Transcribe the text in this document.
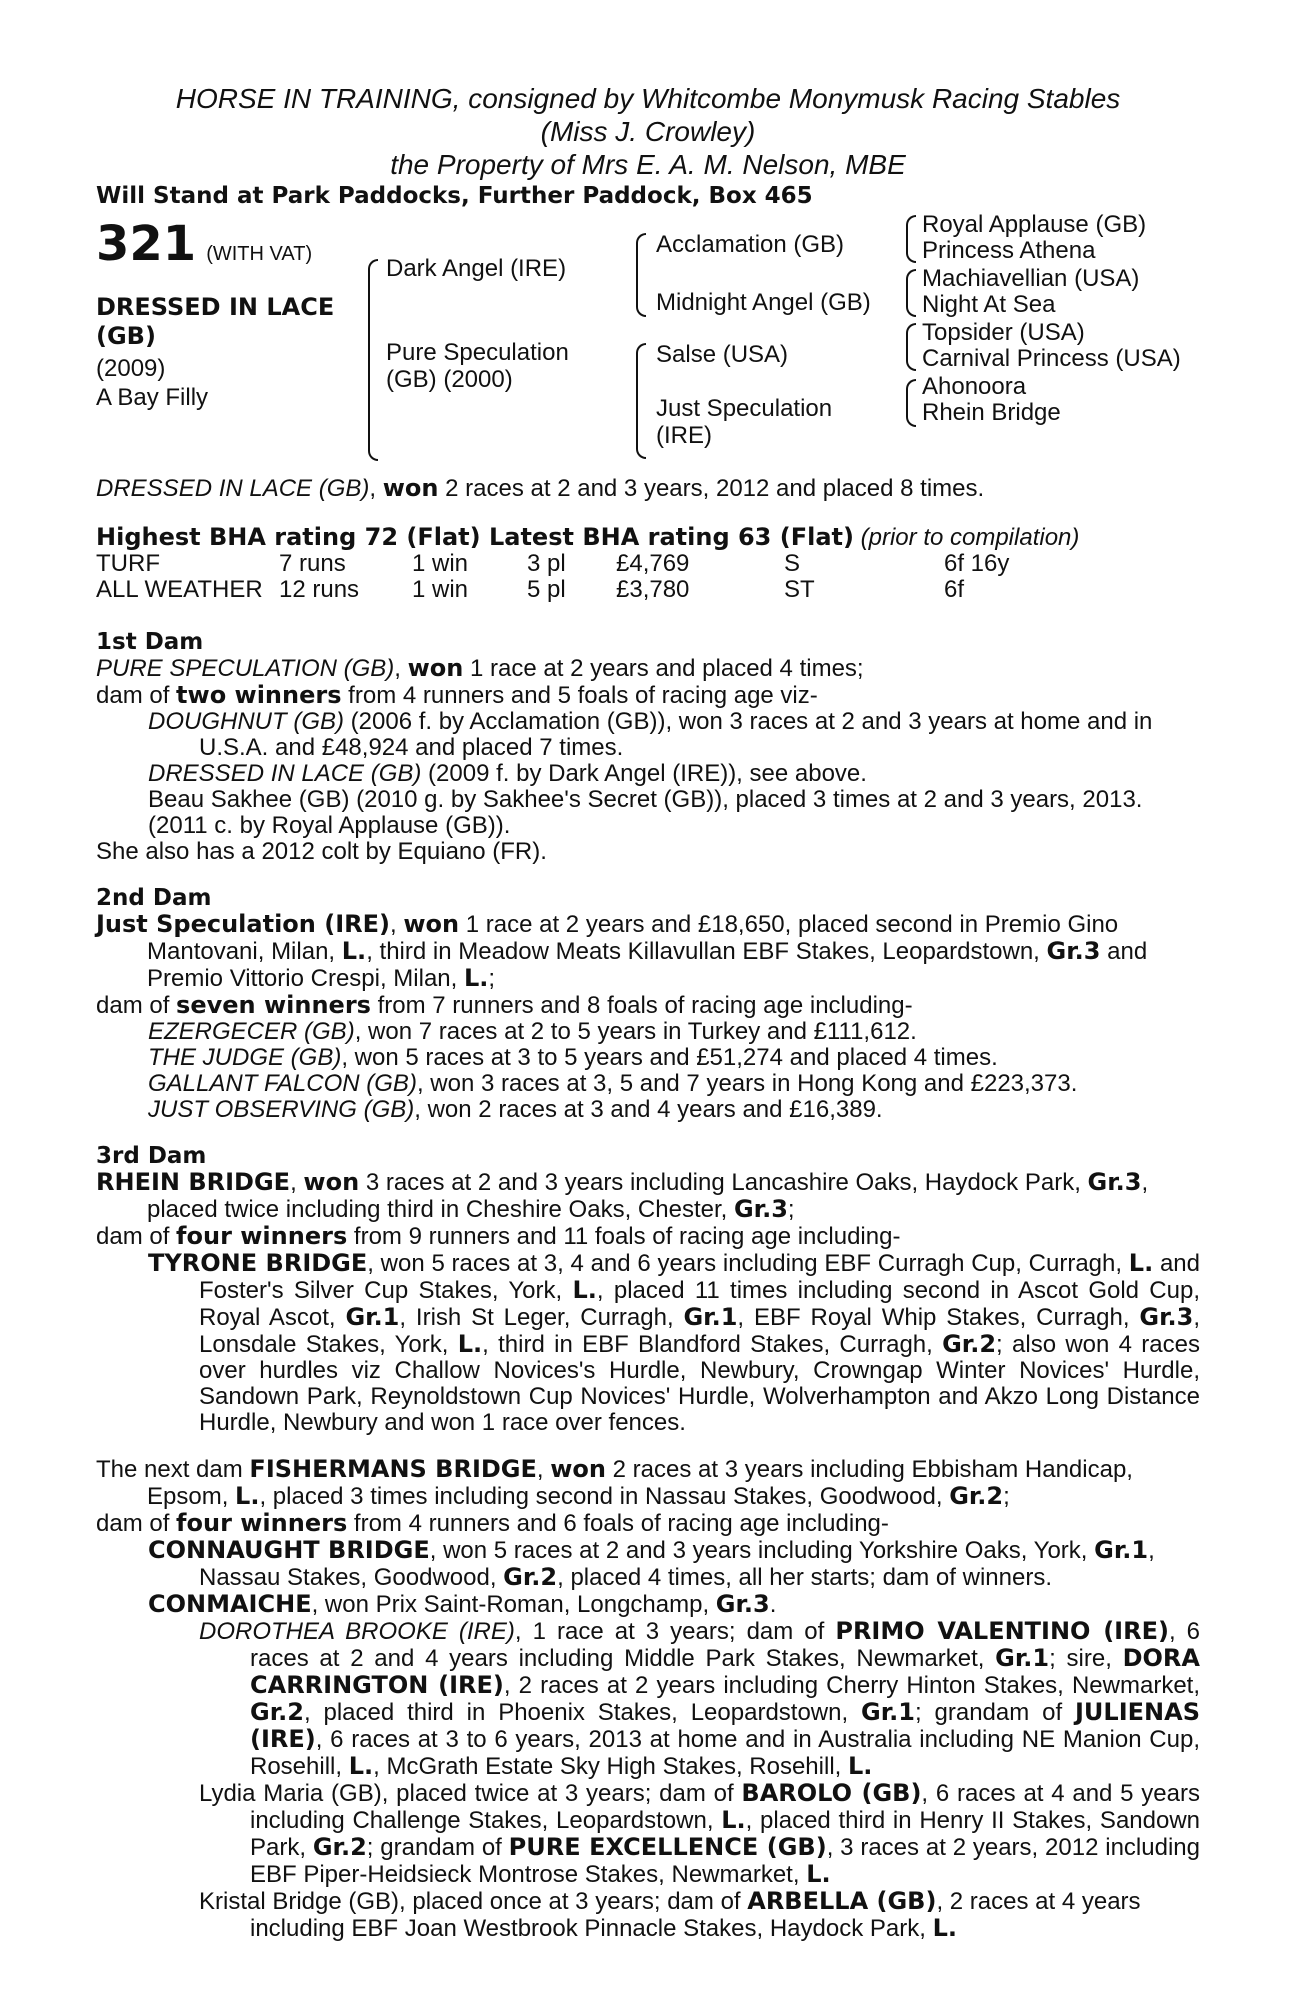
HORSE IN TRAINING, consigned by Whitcombe Monymusk Racing Stables
(Miss J. Crowley)
the Property of Mrs E. A. M. Nelson, MBE
Will Stand at Park Paddocks, Further Paddock, Box 465
321 (WITH VAT)
DRESSED IN LACE (GB)
(2009)
A Bay Filly
Dark Angel (IRE)
Pure Speculation (GB) (2000)
Acclamation (GB)
Midnight Angel (GB)
Salse (USA)
Just Speculation (IRE)
Royal Applause (GB)
Princess Athena
Machiavellian (USA)
Night At Sea
Topsider (USA)
Carnival Princess (USA)
Ahonoora
Rhein Bridge
DRESSED IN LACE (GB), won 2 races at 2 and 3 years, 2012 and placed 8 times.
Highest BHA rating 72 (Flat) Latest BHA rating 63 (Flat) (prior to compilation)
TURF	7 runs	1 win 3 pl £4,769	S	6f 16y
ALL WEATHER 12 runs 1 win 5 pl £3,780	ST	6f
1st Dam
PURE SPECULATION (GB), won 1 race at 2 years and placed 4 times;
dam of two winners from 4 runners and 5 foals of racing age viz-
DOUGHNUT (GB) (2006 f. by Acclamation (GB)), won 3 races at 2 and 3 years at home and in U.S.A. and £48,924 and placed 7 times.
DRESSED IN LACE (GB) (2009 f. by Dark Angel (IRE)), see above.
Beau Sakhee (GB) (2010 g. by Sakhee's Secret (GB)), placed 3 times at 2 and 3 years, 2013.
(2011 c. by Royal Applause (GB)).
She also has a 2012 colt by Equiano (FR).
2nd Dam
Just Speculation (IRE), won 1 race at 2 years and £18,650, placed second in Premio Gino Mantovani, Milan, L., third in Meadow Meats Killavullan EBF Stakes, Leopardstown, Gr.3 and Premio Vittorio Crespi, Milan, L.;
dam of seven winners from 7 runners and 8 foals of racing age including-
EZERGECER (GB), won 7 races at 2 to 5 years in Turkey and £111,612.
THE JUDGE (GB), won 5 races at 3 to 5 years and £51,274 and placed 4 times.
GALLANT FALCON (GB), won 3 races at 3, 5 and 7 years in Hong Kong and £223,373.
JUST OBSERVING (GB), won 2 races at 3 and 4 years and £16,389.
3rd Dam
RHEIN BRIDGE, won 3 races at 2 and 3 years including Lancashire Oaks, Haydock Park, Gr.3, placed twice including third in Cheshire Oaks, Chester, Gr.3;
dam of four winners from 9 runners and 11 foals of racing age including-
TYRONE BRIDGE, won 5 races at 3, 4 and 6 years including EBF Curragh Cup, Curragh, L. and Foster's Silver Cup Stakes, York, L., placed 11 times including second in Ascot Gold Cup, Royal Ascot, Gr.1, Irish St Leger, Curragh, Gr.1, EBF Royal Whip Stakes, Curragh, Gr.3, Lonsdale Stakes, York, L., third in EBF Blandford Stakes, Curragh, Gr.2; also won 4 races over hurdles viz Challow Novices's Hurdle, Newbury, Crowngap Winter Novices' Hurdle, Sandown Park, Reynoldstown Cup Novices' Hurdle, Wolverhampton and Akzo Long Distance Hurdle, Newbury and won 1 race over fences.
The next dam FISHERMANS BRIDGE, won 2 races at 3 years including Ebbisham Handicap, Epsom, L., placed 3 times including second in Nassau Stakes, Goodwood, Gr.2;
dam of four winners from 4 runners and 6 foals of racing age including-
CONNAUGHT BRIDGE, won 5 races at 2 and 3 years including Yorkshire Oaks, York, Gr.1, Nassau Stakes, Goodwood, Gr.2, placed 4 times, all her starts; dam of winners.
CONMAICHE, won Prix Saint-Roman, Longchamp, Gr.3.
DOROTHEA BROOKE (IRE), 1 race at 3 years; dam of PRIMO VALENTINO (IRE), 6 races at 2 and 4 years including Middle Park Stakes, Newmarket, Gr.1; sire, DORA CARRINGTON (IRE), 2 races at 2 years including Cherry Hinton Stakes, Newmarket, Gr.2, placed third in Phoenix Stakes, Leopardstown, Gr.1; grandam of JULIENAS (IRE), 6 races at 3 to 6 years, 2013 at home and in Australia including NE Manion Cup, Rosehill, L., McGrath Estate Sky High Stakes, Rosehill, L.
Lydia Maria (GB), placed twice at 3 years; dam of BAROLO (GB), 6 races at 4 and 5 years including Challenge Stakes, Leopardstown, L., placed third in Henry II Stakes, Sandown Park, Gr.2; grandam of PURE EXCELLENCE (GB), 3 races at 2 years, 2012 including EBF Piper-Heidsieck Montrose Stakes, Newmarket, L.
Kristal Bridge (GB), placed once at 3 years; dam of ARBELLA (GB), 2 races at 4 years including EBF Joan Westbrook Pinnacle Stakes, Haydock Park, L.
